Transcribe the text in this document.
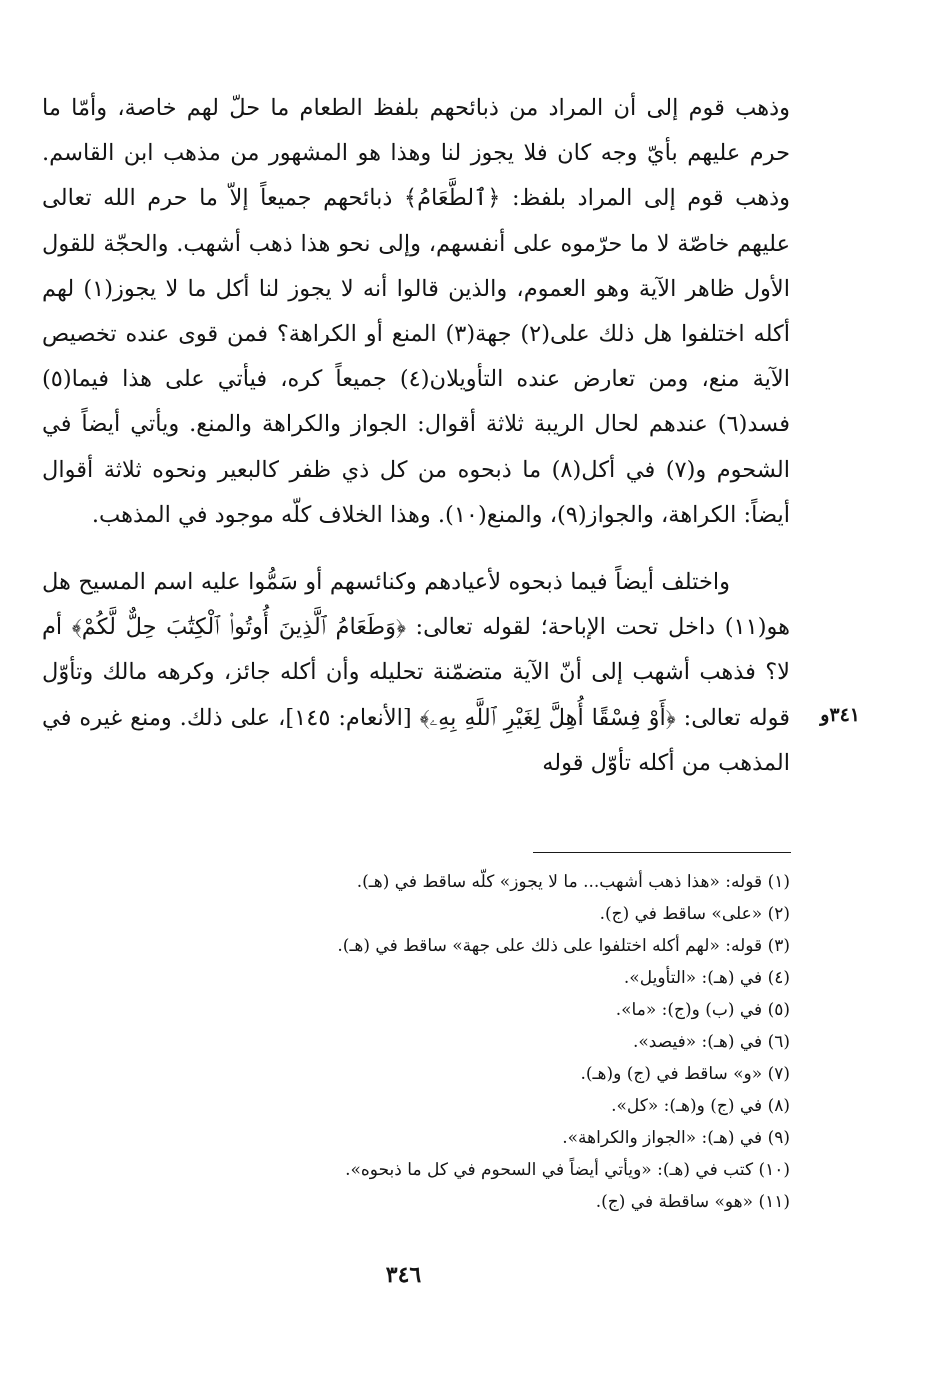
وذهب قوم إلى أن المراد من ذبائحهم بلفظ الطعام ما حلّ لهم خاصة، وأمّا ما حرم عليهم بأيّ وجه كان فلا يجوز لنا وهذا هو المشهور من مذهب ابن القاسم. وذهب قوم إلى المراد بلفظ: ﴿ٱلطَّعَامُ﴾ ذبائحهم جميعاً إلاّ ما حرم الله تعالى عليهم خاصّة لا ما حرّموه على أنفسهم، وإلى نحو هذا ذهب أشهب. والحجّة للقول الأول ظاهر الآية وهو العموم، والذين قالوا أنه لا يجوز لنا أكل ما لا يجوز(١) لهم أكله اختلفوا هل ذلك على(٢) جهة(٣) المنع أو الكراهة؟ فمن قوى عنده تخصيص الآية منع، ومن تعارض عنده التأويلان(٤) جميعاً كره، فيأتي على هذا فيما(٥) فسد(٦) عندهم لحال الريبة ثلاثة أقوال: الجواز والكراهة والمنع. ويأتي أيضاً في الشحوم و(٧) في أكل(٨) ما ذبحوه من كل ذي ظفر كالبعير ونحوه ثلاثة أقوال أيضاً: الكراهة، والجواز(٩)، والمنع(١٠). وهذا الخلاف كلّه موجود في المذهب.

واختلف أيضاً فيما ذبحوه لأعيادهم وكنائسهم أو سَمُّوا عليه اسم المسيح هل هو(١١) داخل تحت الإباحة؛ لقوله تعالى: ﴿وَطَعَامُ ٱلَّذِينَ أُوتُوا۟ ٱلْكِتَٰبَ حِلٌّ لَّكُمْ﴾ أم لا؟ فذهب أشهب إلى أنّ الآية متضمّنة تحليله وأن أكله جائز، وكرهه مالك وتأوّل قوله تعالى: ﴿أَوْ فِسْقًا أُهِلَّ لِغَيْرِ ٱللَّهِ بِهِۦ﴾ [الأنعام: ١٤٥]، على ذلك. ومنع غيره في المذهب من أكله تأوّل قوله

٣٤١و
(١) قوله: «هذا ذهب أشهب... ما لا يجوز» كلّه ساقط في (هـ).
(٢) «على» ساقط في (ج).
(٣) قوله: «لهم أكله اختلفوا على ذلك على جهة» ساقط في (هـ).
(٤) في (هـ): «التأويل».
(٥) في (ب) و(ج): «ما».
(٦) في (هـ): «فيصد».
(٧) «و» ساقط في (ج) و(هـ).
(٨) في (ج) و(هـ): «كل».
(٩) في (هـ): «الجواز والكراهة».
(١٠) كتب في (هـ): «ويأتي أيضاً في السحوم في كل ما ذبحوه».
(١١) «هو» ساقطة في (ج).
٣٤٦
